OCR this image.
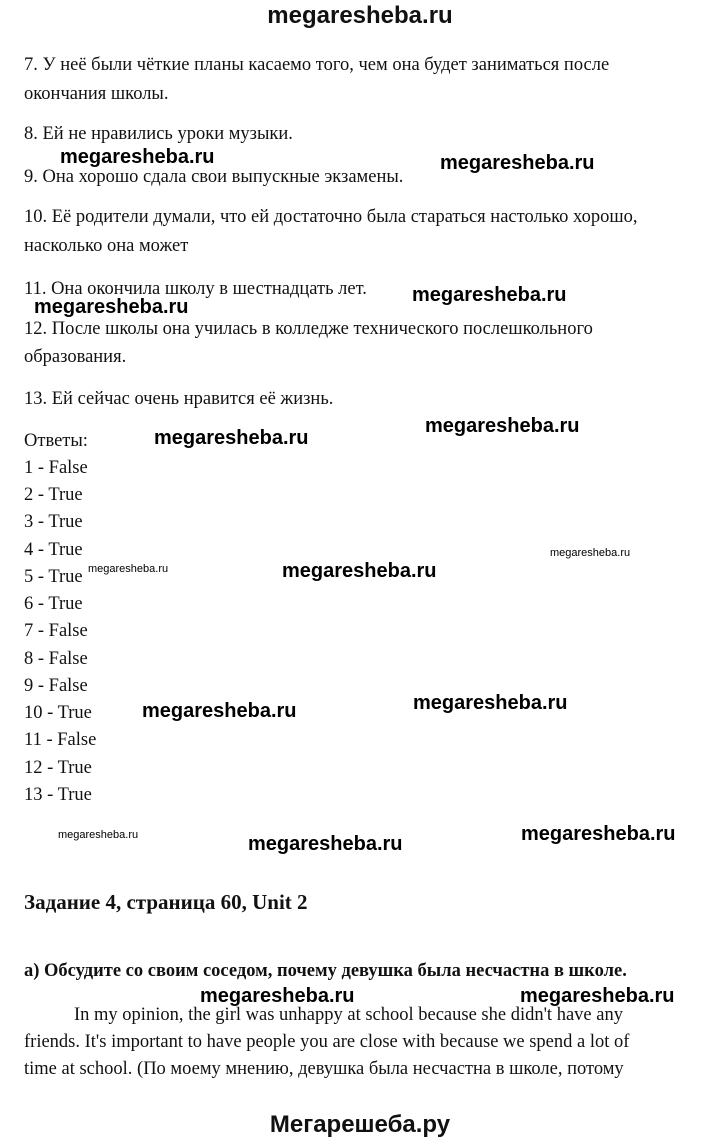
megaresheba.ru
7. У неё были чёткие планы касаемо того, чем она будет заниматься после
окончания школы.
8. Ей не нравились уроки музыки.
9. Она хорошо сдала свои выпускные экзамены.
10. Её родители думали, что ей достаточно была стараться настолько хорошо,
насколько она может
11. Она окончила школу в шестнадцать лет.
12. После школы она училась в колледже технического послешкольного
образования.
13. Ей сейчас очень нравится её жизнь.
Ответы:
1 - False
2 - True
3 - True
4 - True
5 - True
6 - True
7 - False
8 - False
9 - False
10 - True
11 - False
12 - True
13 - True
Задание 4, страница 60, Unit 2
а) Обсудите со своим соседом, почему девушка была несчастна в школе.
In my opinion, the girl was unhappy at school because she didn't have any
friends. It's important to have people you are close with because we spend a lot of
time at school. (По моему мнению, девушка была несчастна в школе, потому
megaresheba.ru	megaresheba.ru
megaresheba.ru
megaresheba.ru
megaresheba.ru
megaresheba.ru
megaresheba.ru
megaresheba.ru	megaresheba.ru
megaresheba.ru	megaresheba.ru
megaresheba.ru	megaresheba.ru	megaresheba.ru
megaresheba.ru	megaresheba.ru
Мегарешеба.ру
